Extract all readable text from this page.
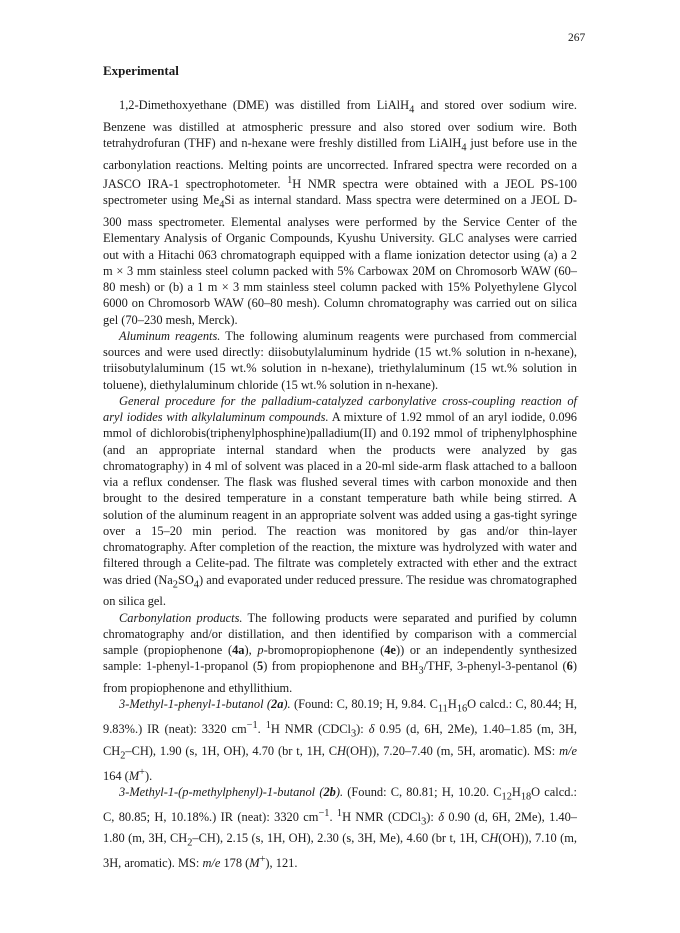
267
Experimental

1,2-Dimethoxyethane (DME) was distilled from LiAlH$_4$ and stored over sodium wire. Benzene was distilled at atmospheric pressure and also stored over sodium wire. Both tetrahydrofuran (THF) and n-hexane were freshly distilled from LiAlH$_4$ just before use in the carbonylation reactions. Melting points are uncorrected. Infrared spectra were recorded on a JASCO IRA-1 spectrophotometer. $^1$H NMR spectra were obtained with a JEOL PS-100 spectrometer using $Me_4Si$ as internal standard. Mass spectra were determined on a JEOL D-300 mass spectrometer. Elemental analyses were performed by the Service Center of the Elementary Analysis of Organic Compounds, Kyushu University. GLC analyses were carried out with a Hitachi 063 chromatograph equipped with a flame ionization detector using (a) a 2 m × 3 mm stainless steel column packed with 5% Carbowax 20M on Chromosorb WAW (60–80 mesh) or (b) a 1 m × 3 mm stainless steel column packed with 15% Polyethylene Glycol 6000 on Chromosorb WAW (60–80 mesh). Column chromatography was carried out on silica gel (70–230 mesh, Merck).

Aluminum reagents. The following aluminum reagents were purchased from commercial sources and were used directly: diisobutylaluminum hydride (15 wt.% solution in n-hexane), triisobutylaluminum (15 wt.% solution in n-hexane), triethylaluminum (15 wt.% solution in toluene), diethylaluminum chloride (15 wt.% solution in n-hexane).

General procedure for the palladium-catalyzed carbonylative cross-coupling reaction of aryl iodides with alkylaluminum compounds. A mixture of 1.92 mmol of an aryl iodide, 0.096 mmol of dichlorobis(triphenylphosphine)palladium(II) and 0.192 mmol of triphenylphosphine (and an appropriate internal standard when the products were analyzed by gas chromatography) in 4 ml of solvent was placed in a 20-ml side-arm flask attached to a balloon via a reflux condenser. The flask was flushed several times with carbon monoxide and then brought to the desired temperature in a constant temperature bath while being stirred. A solution of the aluminum reagent in an appropriate solvent was added using a gas-tight syringe over a 15–20 min period. The reaction was monitored by gas and/or thin-layer chromatography. After completion of the reaction, the mixture was hydrolyzed with water and filtered through a Celite-pad. The filtrate was completely extracted with ether and the extract was dried $(Na_2SO_4)$ and evaporated under reduced pressure. The residue was chromatographed on silica gel.

Carbonylation products. The following products were separated and purified by column chromatography and/or distillation, and then identified by comparison with a commercial sample (propiophenone (4a), p-bromopropiophenone (4e)) or an independently synthesized sample: 1-phenyl-1-propanol (5) from propiophenone and $BH_3$/THF, 3-phenyl-3-pentanol (6) from propiophenone and ethyllithium.

3-Methyl-1-phenyl-1-butanol (2a). (Found: C, 80.19; H, 9.84. $C_{11}H_{16}O$ calcd.: C, 80.44; H, 9.83%.) IR (neat): 3320 $cm^{-1}$. $^1$H NMR (CDCl$_3$): δ 0.95 (d, 6H, 2Me), 1.40–1.85 (m, 3H, $CH_2-CH$), 1.90 (s, 1H, OH), 4.70 (br t, 1H, CH(OH)), 7.20–7.40 (m, 5H, aromatic). MS: m/e 164 (M+).

3-Methyl-1-(p-methylphenyl)-1-butanol (2b). (Found: C, 80.81; H, 10.20. $C_{12}H_{18}O$ calcd.: C, 80.85; H, 10.18%.) IR (neat): 3320 $cm^{-1}$. $^1$H NMR (CDCl$_3$): δ 0.90 (d, 6H, 2Me), 1.40–1.80 (m, 3H, $CH_2-CH$), 2.15 (s, 1H, OH), 2.30 (s, 3H, Me), 4.60 (br t, 1H, CH(OH)), 7.10 (m, 3H, aromatic). MS: m/e 178 (M+), 121.
